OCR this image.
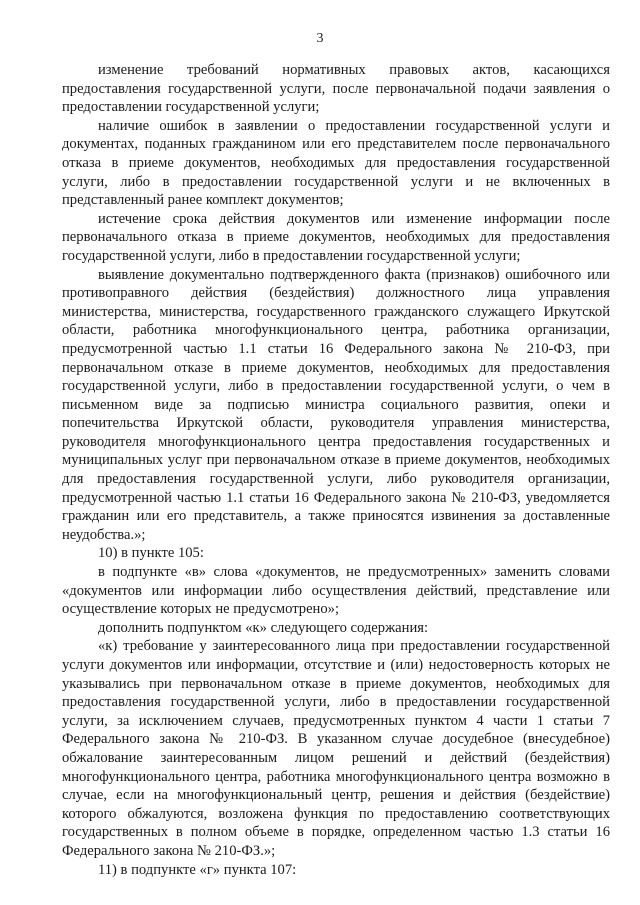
3

изменение требований нормативных правовых актов, касающихся предоставления государственной услуги, после первоначальной подачи заявления о предоставлении государственной услуги;

наличие ошибок в заявлении о предоставлении государственной услуги и документах, поданных гражданином или его представителем после первоначального отказа в приеме документов, необходимых для предоставления государственной услуги, либо в предоставлении государственной услуги и не включенных в представленный ранее комплект документов;

истечение срока действия документов или изменение информации после первоначального отказа в приеме документов, необходимых для предоставления государственной услуги, либо в предоставлении государственной услуги;

выявление документально подтвержденного факта (признаков) ошибочного или противоправного действия (бездействия) должностного лица управления министерства, министерства, государственного гражданского служащего Иркутской области, работника многофункционального центра, работника организации, предусмотренной частью 1.1 статьи 16 Федерального закона № 210-ФЗ, при первоначальном отказе в приеме документов, необходимых для предоставления государственной услуги, либо в предоставлении государственной услуги, о чем в письменном виде за подписью министра социального развития, опеки и попечительства Иркутской области, руководителя управления министерства, руководителя многофункционального центра предоставления государственных и муниципальных услуг при первоначальном отказе в приеме документов, необходимых для предоставления государственной услуги, либо руководителя организации, предусмотренной частью 1.1 статьи 16 Федерального закона № 210-ФЗ, уведомляется гражданин или его представитель, а также приносятся извинения за доставленные неудобства.»;

10) в пункте 105:

в подпункте «в» слова «документов, не предусмотренных» заменить словами «документов или информации либо осуществления действий, представление или осуществление которых не предусмотрено»;

дополнить подпунктом «к» следующего содержания:

«к) требование у заинтересованного лица при предоставлении государственной услуги документов или информации, отсутствие и (или) недостоверность которых не указывались при первоначальном отказе в приеме документов, необходимых для предоставления государственной услуги, либо в предоставлении государственной услуги, за исключением случаев, предусмотренных пунктом 4 части 1 статьи 7 Федерального закона № 210-ФЗ. В указанном случае досудебное (внесудебное) обжалование заинтересованным лицом решений и действий (бездействия) многофункционального центра, работника многофункционального центра возможно в случае, если на многофункциональный центр, решения и действия (бездействие) которого обжалуются, возложена функция по предоставлению соответствующих государственных в полном объеме в порядке, определенном частью 1.3 статьи 16 Федерального закона № 210-ФЗ.»;

11) в подпункте «г» пункта 107:
